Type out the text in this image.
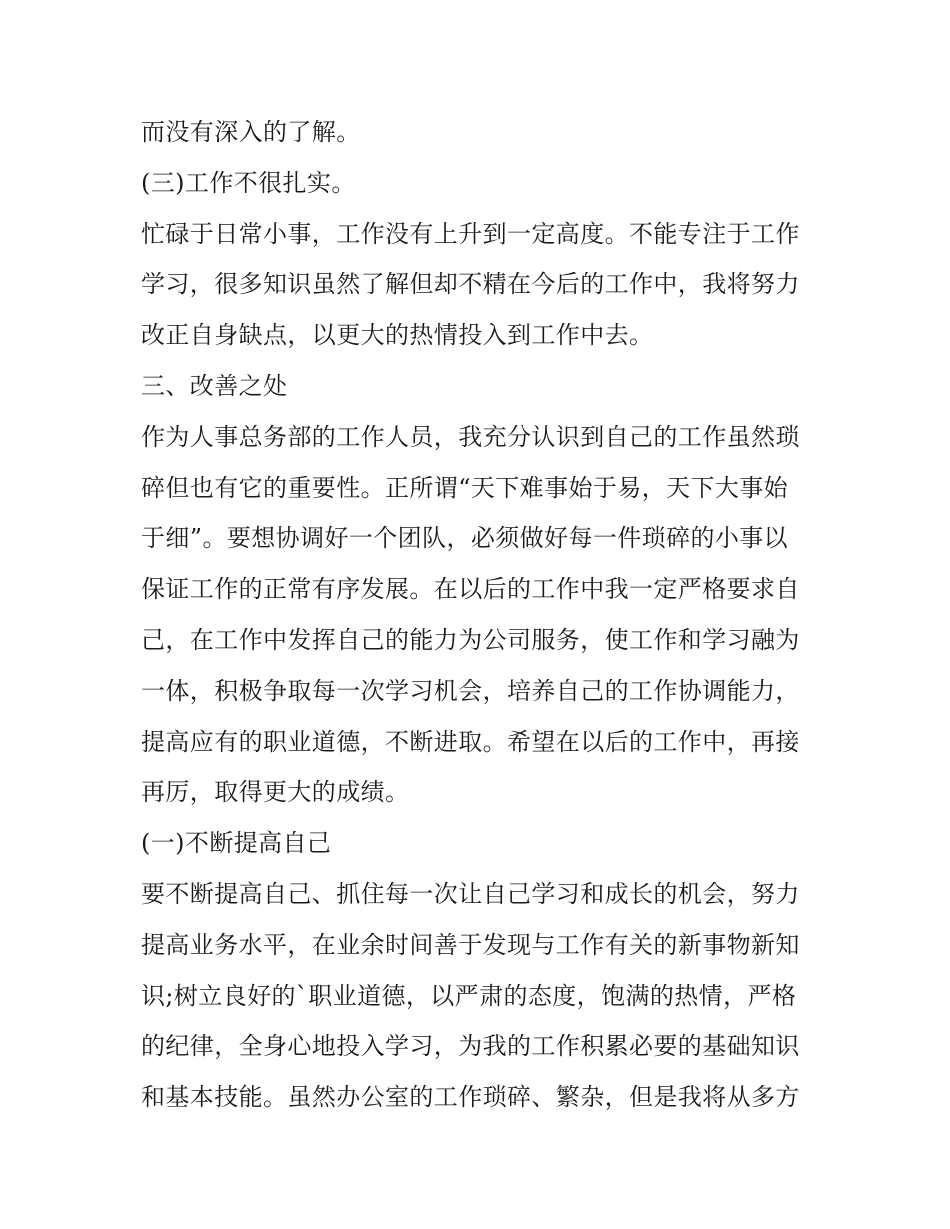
而没有深入的了解。
(三)工作不很扎实。
忙碌于日常小事，工作没有上升到一定高度。不能专注于工作
学习，很多知识虽然了解但却不精在今后的工作中，我将努力
改正自身缺点，以更大的热情投入到工作中去。
三、改善之处
作为人事总务部的工作人员，我充分认识到自己的工作虽然琐
碎但也有它的重要性。正所谓“天下难事始于易，天下大事始
于细”。要想协调好一个团队，必须做好每一件琐碎的小事以
保证工作的正常有序发展。在以后的工作中我一定严格要求自
己，在工作中发挥自己的能力为公司服务，使工作和学习融为
一体，积极争取每一次学习机会，培养自己的工作协调能力，
提高应有的职业道德，不断进取。希望在以后的工作中，再接
再厉，取得更大的成绩。
(一)不断提高自己
要不断提高自己、抓住每一次让自己学习和成长的机会，努力
提高业务水平，在业余时间善于发现与工作有关的新事物新知
识;树立良好的`职业道德，以严肃的态度，饱满的热情，严格
的纪律，全身心地投入学习，为我的工作积累必要的基础知识
和基本技能。虽然办公室的工作琐碎、繁杂，但是我将从多方
